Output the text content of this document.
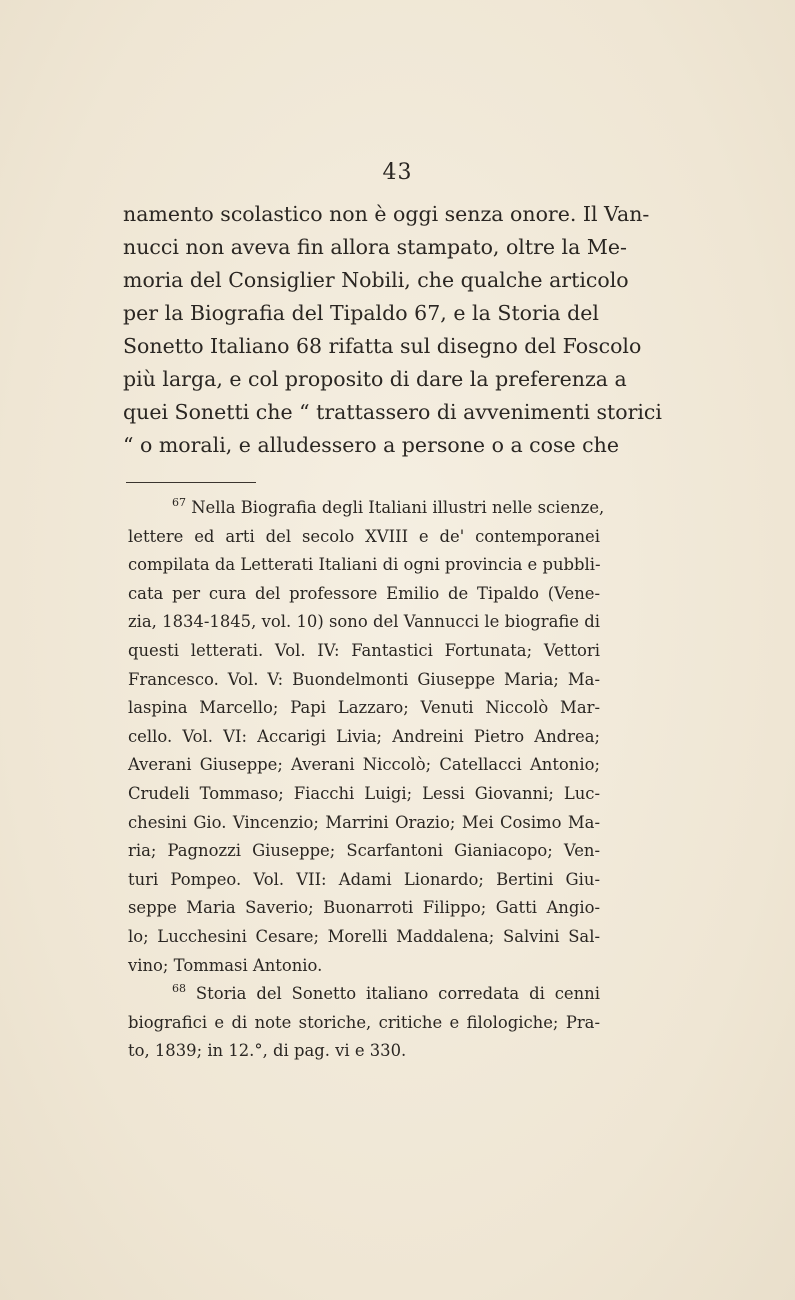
43
namento scolastico non è oggi senza onore. Il Van-
nucci non aveva fin allora stampato, oltre la Me-
moria del Consiglier Nobili, che qualche articolo
per la Biografia del Tipaldo 67, e la Storia del
Sonetto Italiano 68 rifatta sul disegno del Foscolo
più larga, e col proposito di dare la preferenza a
quei Sonetti che “ trattassero di avvenimenti storici
“ o morali, e alludessero a persone o a cose che
$^{67}$ Nella Biografia degli Italiani illustri nelle scienze,
lettere ed arti del secolo XVIII e de' contemporanei
compilata da Letterati Italiani di ogni provincia e pubbli-
cata per cura del professore Emilio de Tipaldo (Vene-
zia, 1834-1845, vol. 10) sono del Vannucci le biografie di
questi letterati. Vol. IV: Fantastici Fortunata; Vettori
Francesco. Vol. V: Buondelmonti Giuseppe Maria; Ma-
laspina Marcello; Papi Lazzaro; Venuti Niccolò Mar-
cello. Vol. VI: Accarigi Livia; Andreini Pietro Andrea;
Averani Giuseppe; Averani Niccolò; Catellacci Antonio;
Crudeli Tommaso; Fiacchi Luigi; Lessi Giovanni; Luc-
chesini Gio. Vincenzio; Marrini Orazio; Mei Cosimo Ma-
ria; Pagnozzi Giuseppe; Scarfantoni Gianiacopo; Ven-
turi Pompeo. Vol. VII: Adami Lionardo; Bertini Giu-
seppe Maria Saverio; Buonarroti Filippo; Gatti Angio-
lo; Lucchesini Cesare; Morelli Maddalena; Salvini Sal-
vino; Tommasi Antonio.
$^{68}$ Storia del Sonetto italiano corredata di cenni
biografici e di note storiche, critiche e filologiche; Pra-
to, 1839; in 12.°, di pag. vi e 330.
